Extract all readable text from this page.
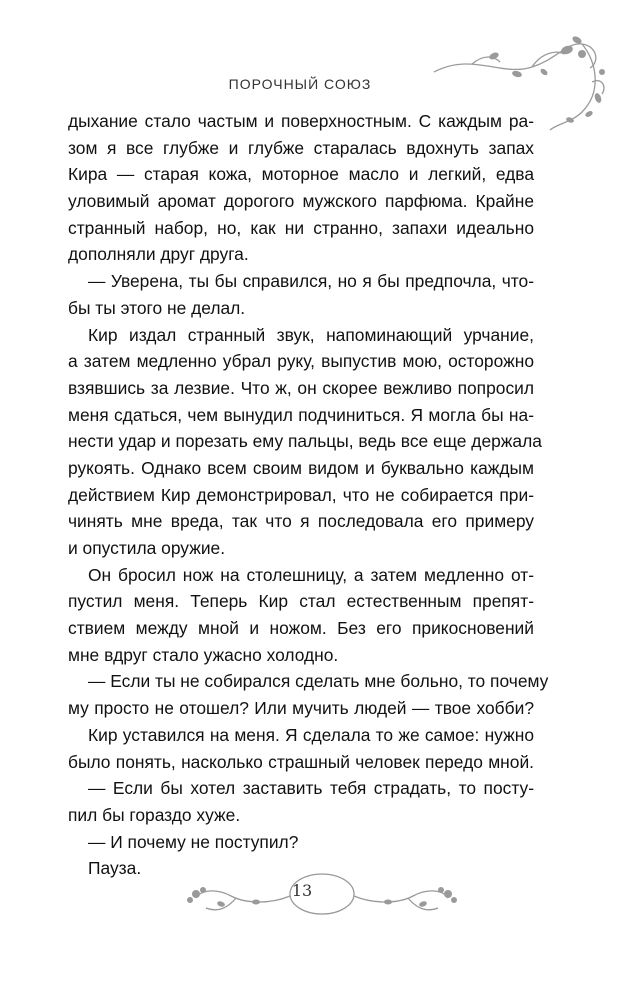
ПОРОЧНЫЙ СОЮЗ
дыхание стало частым и поверхностным. С каждым ра-
зом я все глубже и глубже старалась вдохнуть запах
Кира — старая кожа, моторное масло и легкий, едва
уловимый аромат дорогого мужского парфюма. Крайне
странный набор, но, как ни странно, запахи идеально
дополняли друг друга.
— Уверена, ты бы справился, но я бы предпочла, что-
бы ты этого не делал.
Кир издал странный звук, напоминающий урчание,
а затем медленно убрал руку, выпустив мою, осторожно
взявшись за лезвие. Что ж, он скорее вежливо попросил
меня сдаться, чем вынудил подчиниться. Я могла бы на-
нести удар и порезать ему пальцы, ведь все еще держала
рукоять. Однако всем своим видом и буквально каждым
действием Кир демонстрировал, что не собирается при-
чинять мне вреда, так что я последовала его примеру
и опустила оружие.
Он бросил нож на столешницу, а затем медленно от-
пустил меня. Теперь Кир стал естественным препят-
ствием между мной и ножом. Без его прикосновений
мне вдруг стало ужасно холодно.
— Если ты не собирался сделать мне больно, то почему
му просто не отошел? Или мучить людей — твое хобби?
Кир уставился на меня. Я сделала то же самое: нужно
было понять, насколько страшный человек передо мной.
— Если бы хотел заставить тебя страдать, то посту-
пил бы гораздо хуже.
— И почему не поступил?
Пауза.
13
